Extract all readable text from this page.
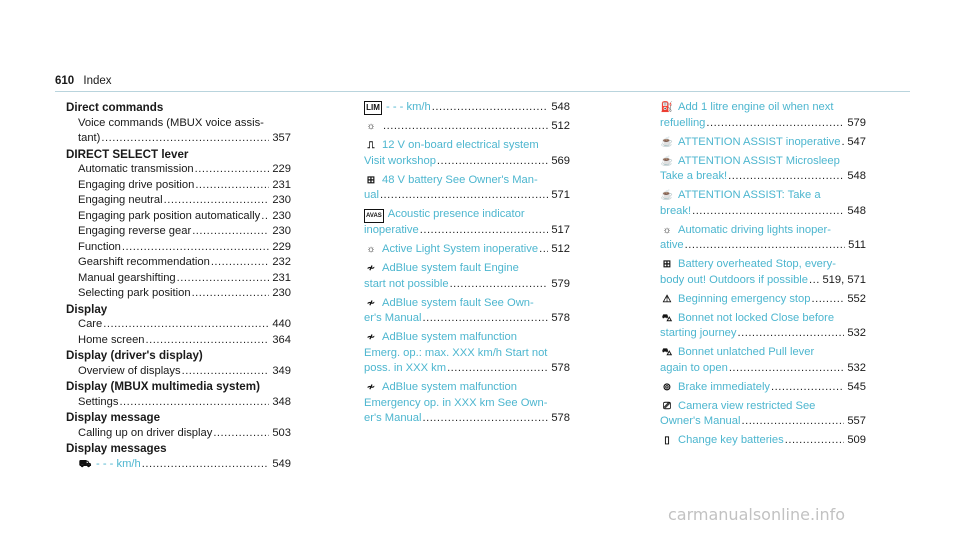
610 Index
Direct commands
Voice commands (MBUX voice assis-
tant) .....	357
DIRECT SELECT lever
Automatic transmission .....	229
Engaging drive position .....	231
Engaging neutral .....	230
Engaging park position automatically ..... 230
Engaging reverse gear .....	230
Function .....	229
Gearshift recommendation .....	232
Manual gearshifting .....	231
Selecting park position .....	230
Display
Care .....	440
Home screen .....	364
Display (driver's display)
Overview of displays .....	349
Display (MBUX multimedia system)
Settings .....	348
Display message
Calling up on driver display .....	503
Display messages
⛟ - - - km/h .....	549
LIM - - - km/h .....	548
☼ .....	512
⎍ 12 V on-board electrical system
Visit workshop .....	569
⊞ 48 V battery See Owner's Man-
ual .....	571
AVAS Acoustic presence indicator
inoperative .....	517
☼ Active Light System inoperative ..... 512
≁ AdBlue system fault Engine
start not possible .....	579
≁ AdBlue system fault See Own-
er's Manual .....	578
≁ AdBlue system malfunction
Emerg. op.: max. XXX km/h Start not
poss. in XXX km .....	578
≁ AdBlue system malfunction
Emergency op. in XXX km See Own-
er's Manual .....	578
⛽ Add 1 litre engine oil when next
refuelling .....	579
☕ ATTENTION ASSIST inoperative ..... 547
☕ ATTENTION ASSIST Microsleep
Take a break! .....	548
☕ ATTENTION ASSIST: Take a
break! .....	548
☼ Automatic driving lights inoper-
ative .....	511
⊞ Battery overheated Stop, every-
body out! Outdoors if possible ..... 519, 571
⚠ Beginning emergency stop .....	552
⛍ Bonnet not locked Close before
starting journey .....	532
⛍ Bonnet unlatched Pull lever
again to open .....	532
⊚ Brake immediately .....	545
⎚ Camera view restricted See
Owner's Manual .....	557
▯ Change key batteries .....	509
carmanualsonline.info
